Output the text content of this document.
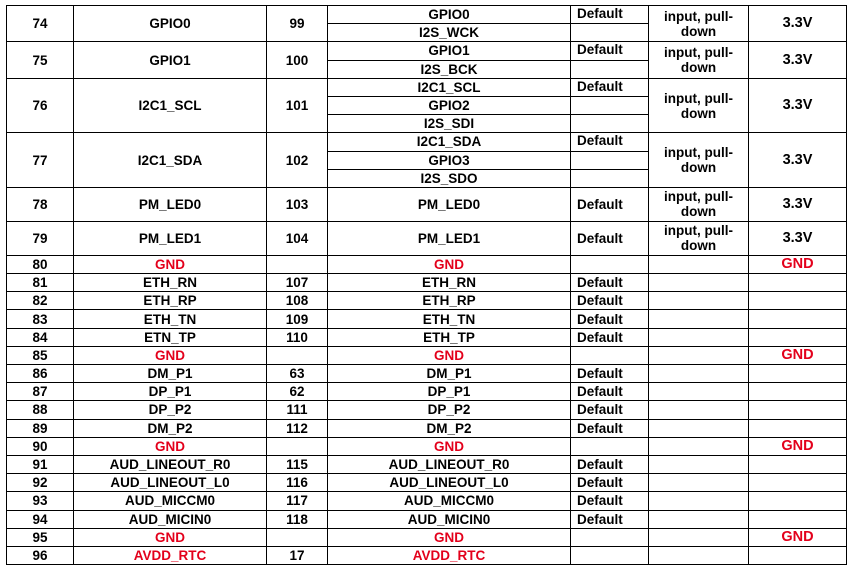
74	GPIO0	99	GPIO0	Default	input, pull-down	3.3V
			I2S_WCK			
75	GPIO1	100	GPIO1	Default	input, pull-down	3.3V
			I2S_BCK			
76	I2C1_SCL	101	I2C1_SCL	Default	input, pull-down	3.3V
			GPIO2			
			I2S_SDI			
77	I2C1_SDA	102	I2C1_SDA	Default	input, pull-down	3.3V
			GPIO3			
			I2S_SDO			
78	PM_LED0	103	PM_LED0	Default	input, pull-down	3.3V
79	PM_LED1	104	PM_LED1	Default	input, pull-down	3.3V
80	GND		GND			GND
81	ETH_RN	107	ETH_RN	Default		
82	ETH_RP	108	ETH_RP	Default		
83	ETH_TN	109	ETH_TN	Default		
84	ETN_TP	110	ETH_TP	Default		
85	GND		GND			GND
86	DM_P1	63	DM_P1	Default		
87	DP_P1	62	DP_P1	Default		
88	DP_P2	111	DP_P2	Default		
89	DM_P2	112	DM_P2	Default		
90	GND		GND			GND
91	AUD_LINEOUT_R0	115	AUD_LINEOUT_R0	Default		
92	AUD_LINEOUT_L0	116	AUD_LINEOUT_L0	Default		
93	AUD_MICCM0	117	AUD_MICCM0	Default		
94	AUD_MICIN0	118	AUD_MICIN0	Default		
95	GND		GND			GND
96	AVDD_RTC	17	AVDD_RTC			
